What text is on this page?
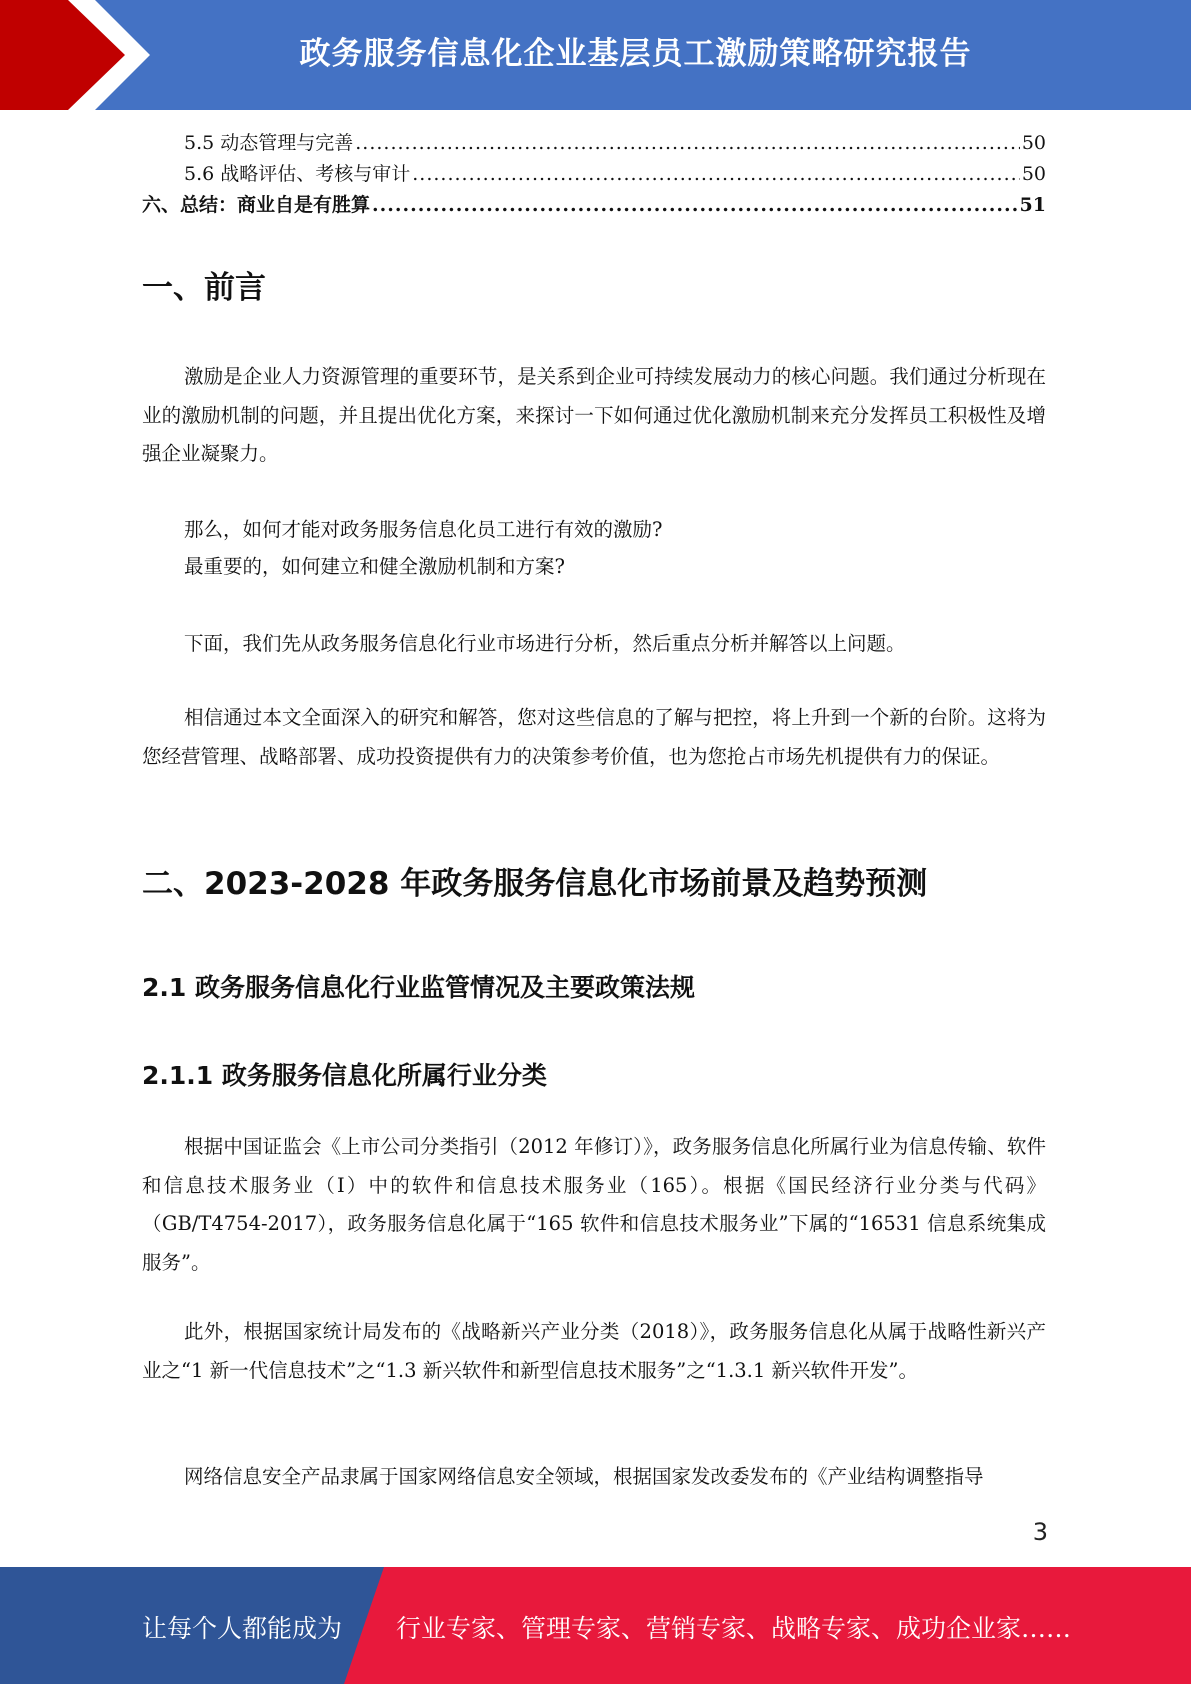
政务服务信息化企业基层员工激励策略研究报告
5.5 动态管理与完善 .....	50
5.6 战略评估、考核与审计 .....	50
六、总结：商业自是有胜算 .....	51
一、前言

激励是企业人力资源管理的重要环节，是关系到企业可持续发展动力的核心问题。我们通过分析现在业的激励机制的问题，并且提出优化方案，来探讨一下如何通过优化激励机制来充分发挥员工积极性及增强企业凝聚力。

那么，如何才能对政务服务信息化员工进行有效的激励?

最重要的，如何建立和健全激励机制和方案?

下面，我们先从政务服务信息化行业市场进行分析，然后重点分析并解答以上问题。

相信通过本文全面深入的研究和解答，您对这些信息的了解与把控，将上升到一个新的台阶。这将为您经营管理、战略部署、成功投资提供有力的决策参考价值，也为您抢占市场先机提供有力的保证。

二、2023-2028 年政务服务信息化市场前景及趋势预测
2.1 政务服务信息化行业监管情况及主要政策法规
2.1.1 政务服务信息化所属行业分类

根据中国证监会《上市公司分类指引（2012 年修订）》，政务服务信息化所属行业为信息传输、软件和信息技术服务业（I）中的软件和信息技术服务业（165）。根据《国民经济行业分类与代码》（GB/T4754-2017），政务服务信息化属于“165 软件和信息技术服务业”下属的“16531 信息系统集成服务”。

此外，根据国家统计局发布的《战略新兴产业分类（2018）》，政务服务信息化从属于战略性新兴产业之“1 新一代信息技术”之“1.3 新兴软件和新型信息技术服务”之“1.3.1 新兴软件开发”。

网络信息安全产品隶属于国家网络信息安全领域，根据国家发改委发布的《产业结构调整指导

3
让每个人都能成为 行业专家、管理专家、营销专家、战略专家、成功企业家……
